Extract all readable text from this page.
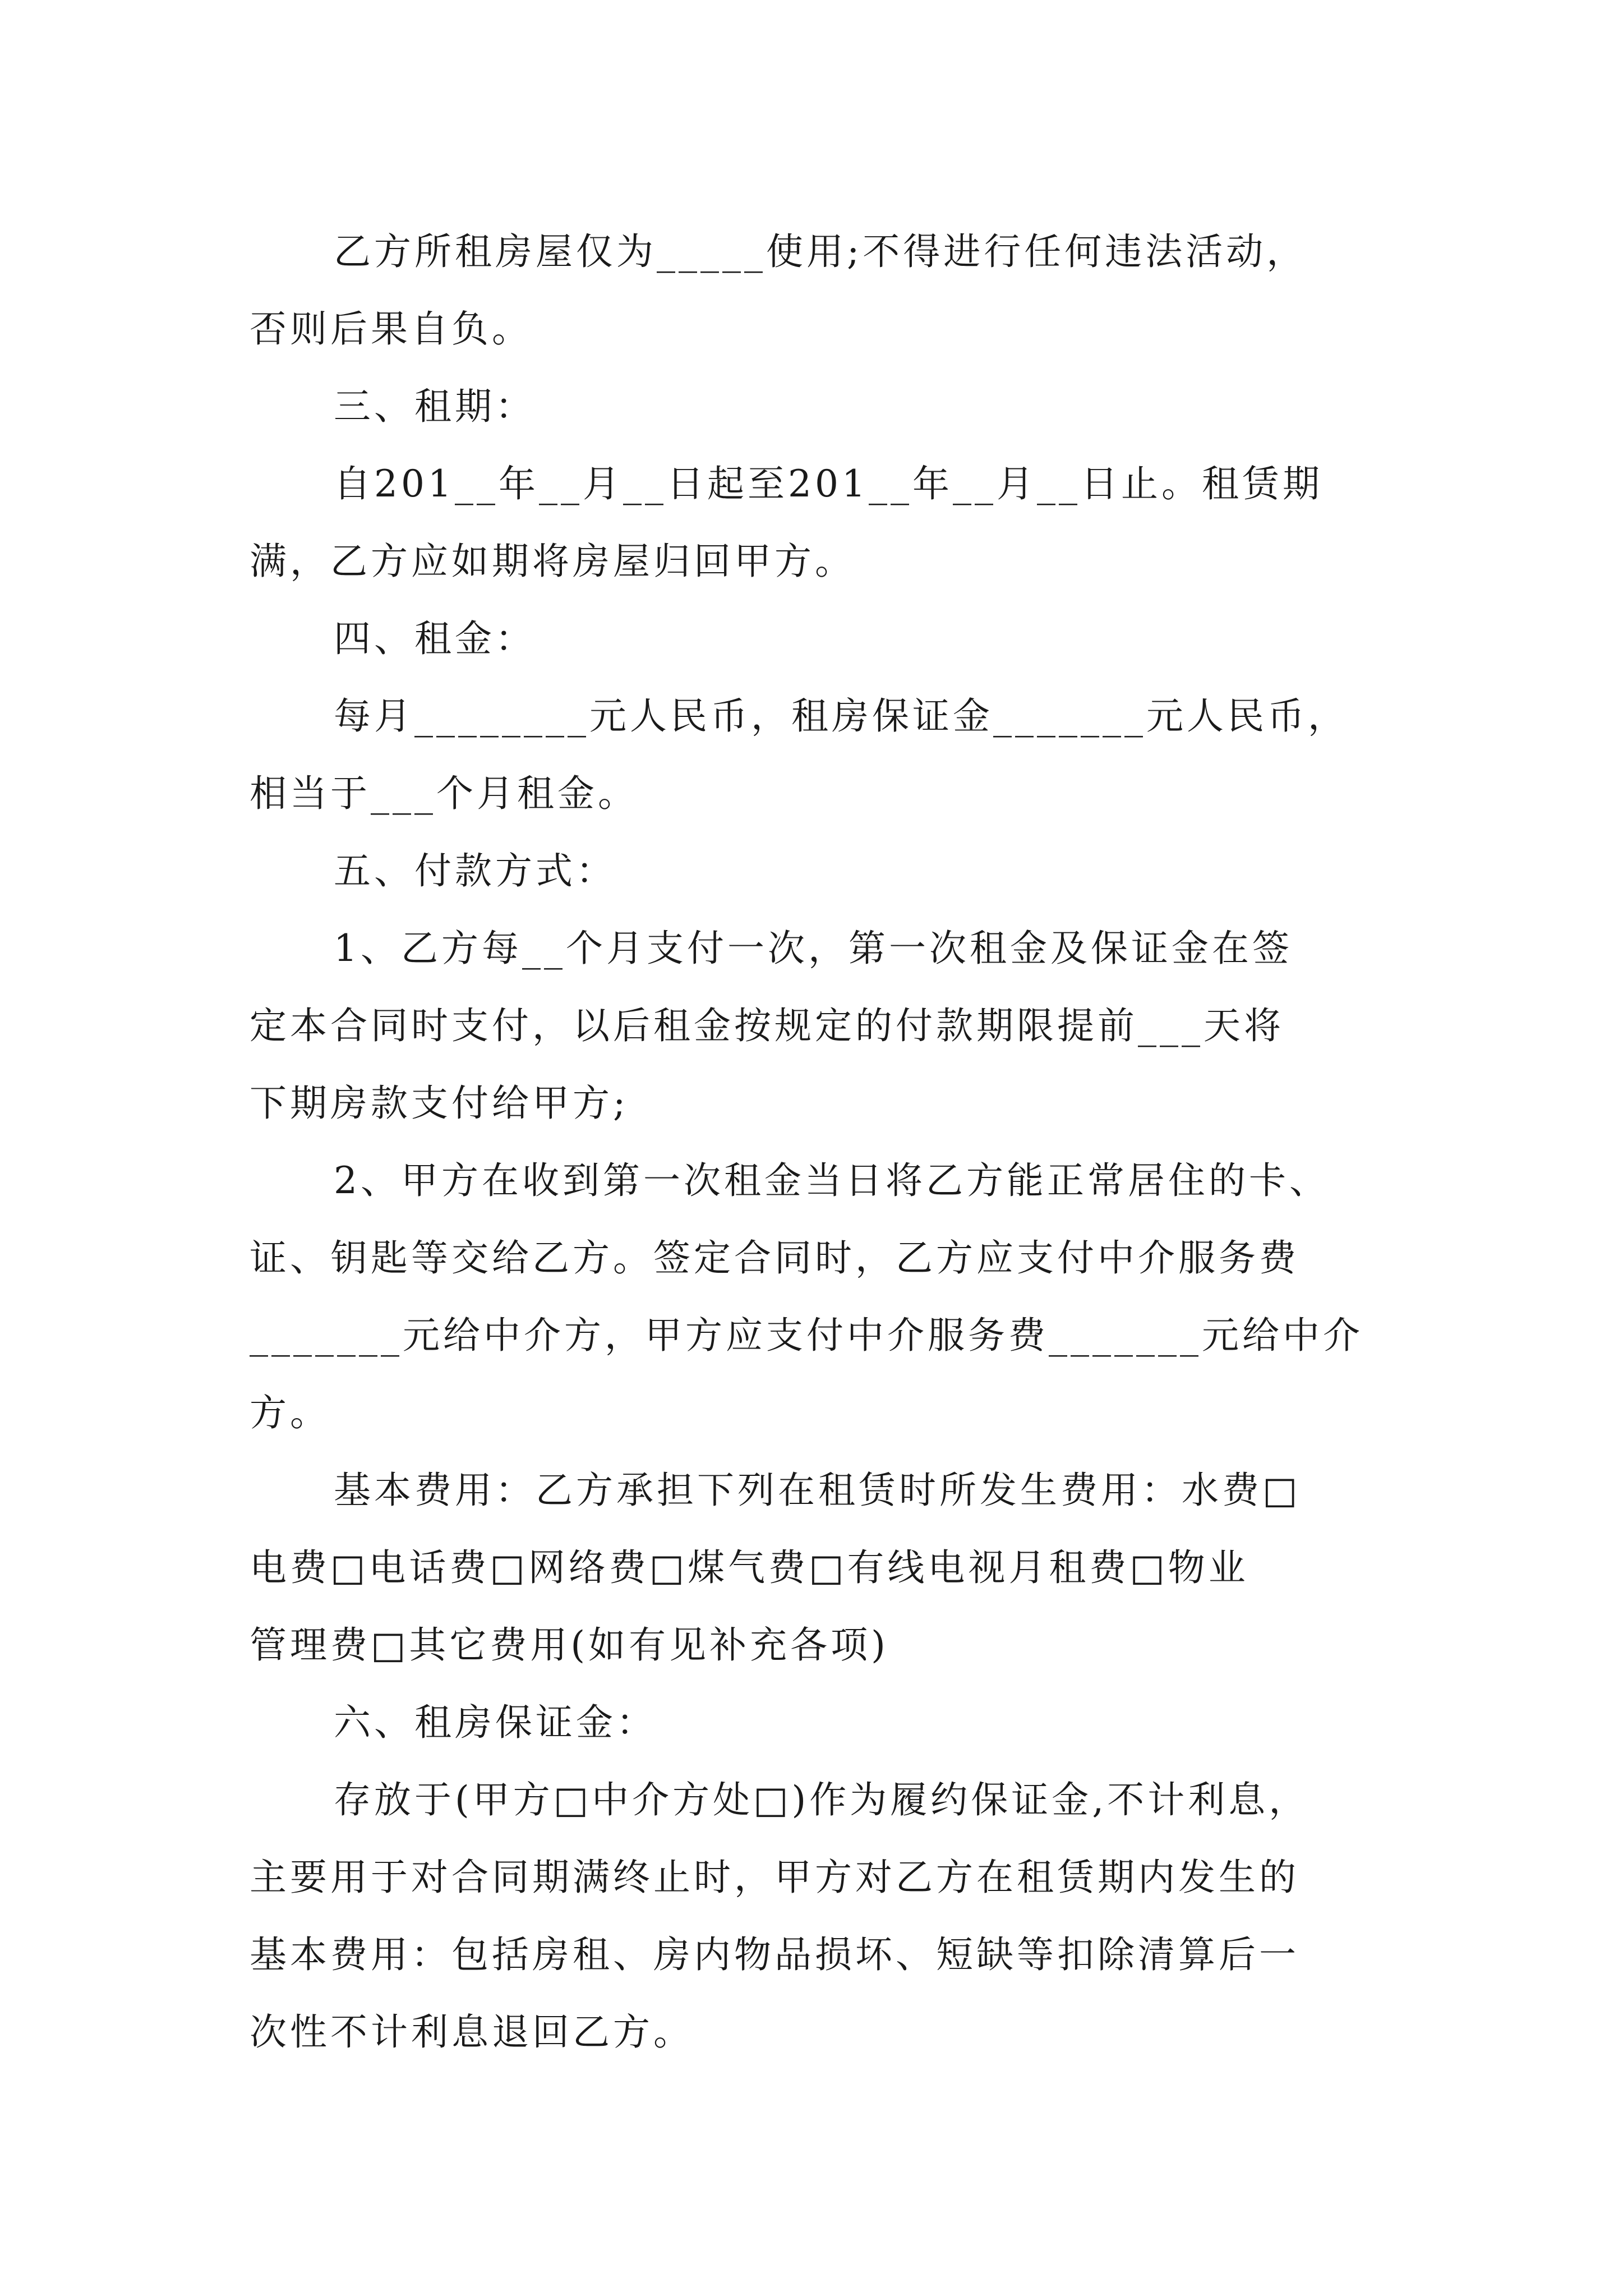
乙方所租房屋仅为_____使用;不得进行任何违法活动，
否则后果自负。
三、租期：
自201__年__月__日起至201__年__月__日止。租赁期
满，乙方应如期将房屋归回甲方。
四、租金：
每月________元人民币，租房保证金_______元人民币，
相当于___个月租金。
五、付款方式：
1、乙方每__个月支付一次，第一次租金及保证金在签
定本合同时支付，以后租金按规定的付款期限提前___天将
下期房款支付给甲方;
2、甲方在收到第一次租金当日将乙方能正常居住的卡、
证、钥匙等交给乙方。签定合同时，乙方应支付中介服务费
_______元给中介方，甲方应支付中介服务费_______元给中介
方。
基本费用：乙方承担下列在租赁时所发生费用：水费□
电费□电话费□网络费□煤气费□有线电视月租费□物业
管理费□其它费用(如有见补充各项)
六、租房保证金：
存放于(甲方□中介方处□)作为履约保证金,不计利息，
主要用于对合同期满终止时，甲方对乙方在租赁期内发生的
基本费用：包括房租、房内物品损坏、短缺等扣除清算后一
次性不计利息退回乙方。
